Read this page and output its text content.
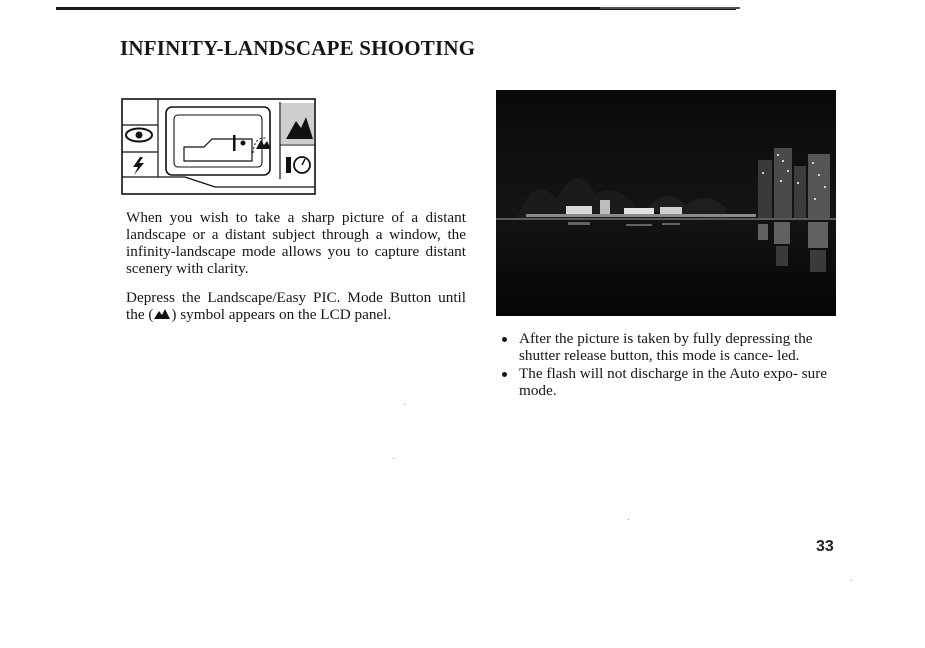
INFINITY-LANDSCAPE SHOOTING

When you wish to take a sharp picture of a distant landscape or a distant subject through a window, the infinity-landscape mode allows you to capture distant scenery with clarity.

Depress the Landscape/Easy PIC. Mode Button until the ( ) symbol appears on the LCD panel.

After the picture is taken by fully depressing the shutter release button, this mode is cance- led.
The flash will not discharge in the Auto expo- sure mode.
33
